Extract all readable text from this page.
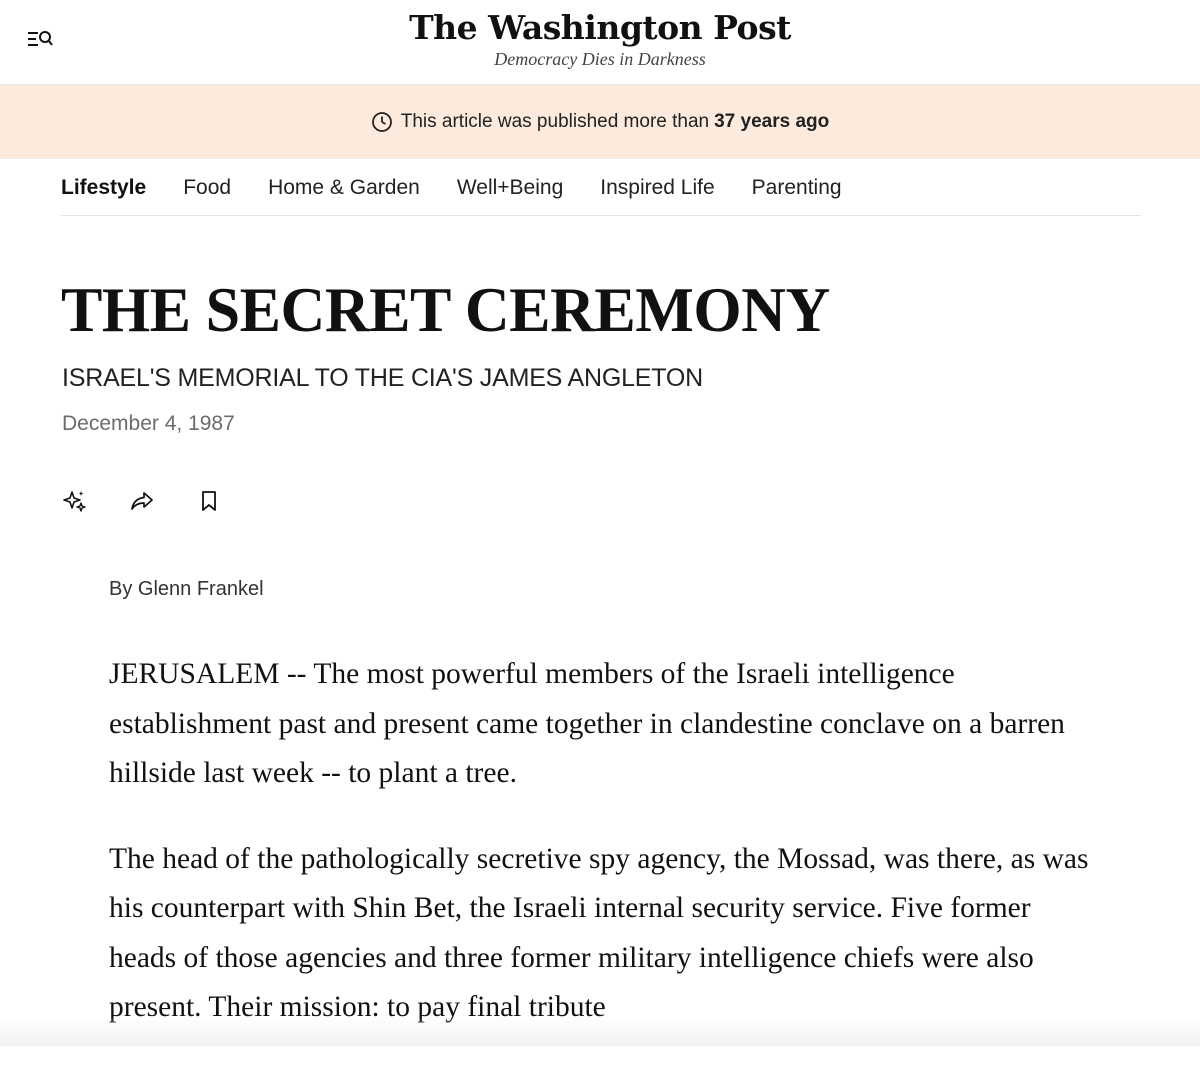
The Washington Post
Democracy Dies in Darkness
This article was published more than 37 years ago
Lifestyle Food Home & Garden Well+Being Inspired Life Parenting
THE SECRET CEREMONY
ISRAEL'S MEMORIAL TO THE CIA'S JAMES ANGLETON
December 4, 1987
By Glenn Frankel

JERUSALEM -- The most powerful members of the Israeli intelligence establishment past and present came together in clandestine conclave on a barren hillside last week -- to plant a tree.

The head of the pathologically secretive spy agency, the Mossad, was there, as was his counterpart with Shin Bet, the Israeli internal security service. Five former heads of those agencies and three former military intelligence chiefs were also present. Their mission: to pay final tribute
